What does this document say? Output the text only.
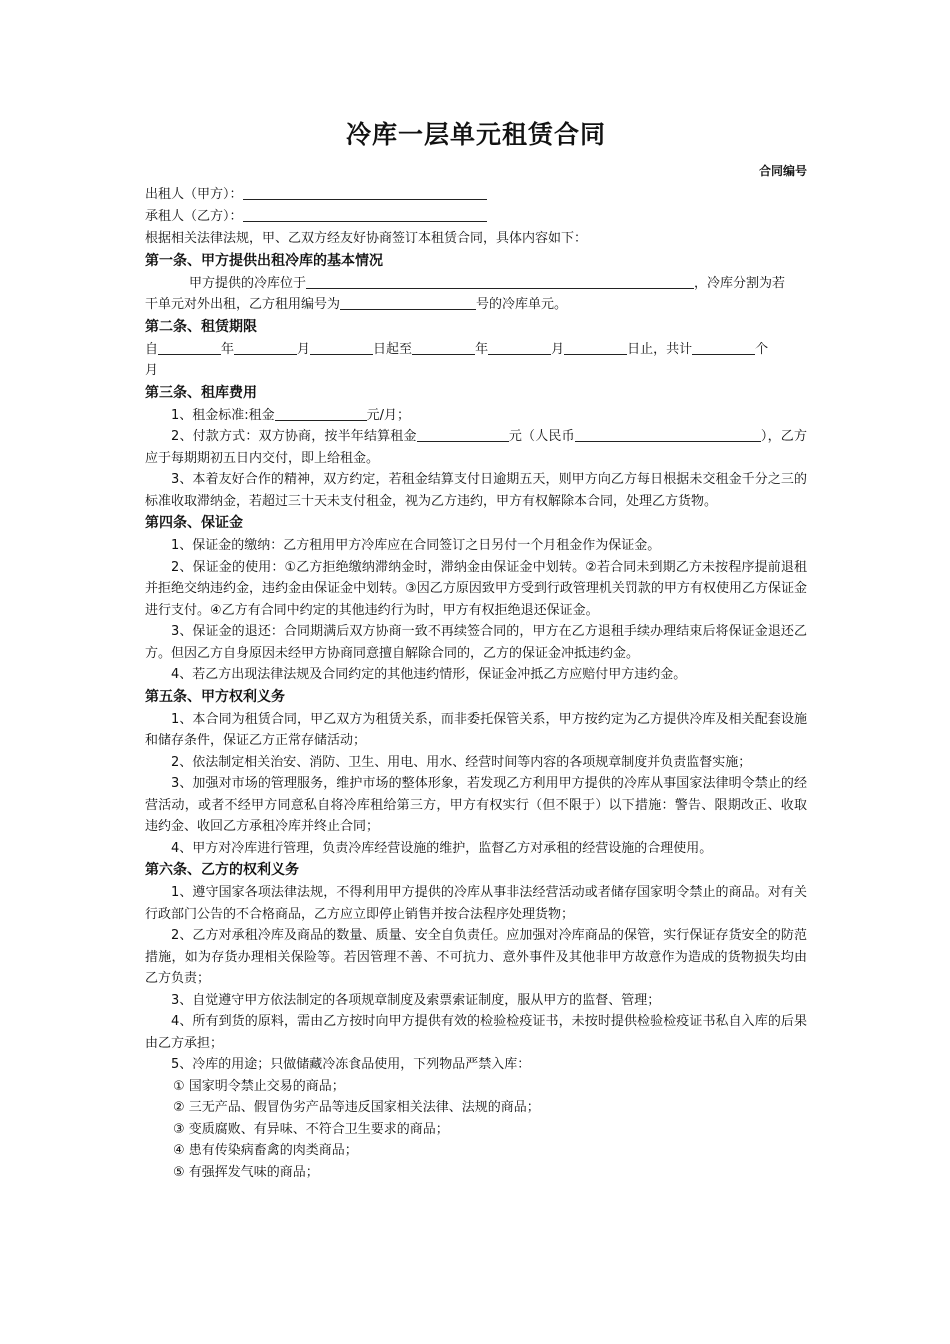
冷库一层单元租赁合同
合同编号

出租人（甲方）：

承租人（乙方）：

根据相关法律法规，甲、乙双方经友好协商签订本租赁合同，具体内容如下：

第一条、甲方提供出租冷库的基本情况

甲方提供的冷库位于	，冷库分割为若

干单元对外出租，乙方租用编号为	号的冷库单元。

第二条、租赁期限

自	年	月	日起至	年	月	日止，共计	个

月

第三条、租库费用

1、租金标准:租金	元/月；

2、付款方式：双方协商，按半年结算租金	元（人民币	），乙方应于每期期初五日内交付，即上给租金。

3、本着友好合作的精神，双方约定，若租金结算支付日逾期五天，则甲方向乙方每日根据未交租金千分之三的标准收取滞纳金，若超过三十天未支付租金，视为乙方违约，甲方有权解除本合同，处理乙方货物。

第四条、保证金

1、保证金的缴纳：乙方租用甲方冷库应在合同签订之日另付一个月租金作为保证金。

2、保证金的使用：①乙方拒绝缴纳滞纳金时，滞纳金由保证金中划转。②若合同未到期乙方未按程序提前退租并拒绝交纳违约金，违约金由保证金中划转。③因乙方原因致甲方受到行政管理机关罚款的甲方有权使用乙方保证金进行支付。④乙方有合同中约定的其他违约行为时，甲方有权拒绝退还保证金。

3、保证金的退还：合同期满后双方协商一致不再续签合同的，甲方在乙方退租手续办理结束后将保证金退还乙方。但因乙方自身原因未经甲方协商同意擅自解除合同的，乙方的保证金冲抵违约金。

4、若乙方出现法律法规及合同约定的其他违约情形，保证金冲抵乙方应赔付甲方违约金。

第五条、甲方权利义务

1、本合同为租赁合同，甲乙双方为租赁关系，而非委托保管关系，甲方按约定为乙方提供冷库及相关配套设施和储存条件，保证乙方正常存储活动；

2、依法制定相关治安、消防、卫生、用电、用水、经营时间等内容的各项规章制度并负责监督实施；

3、加强对市场的管理服务，维护市场的整体形象，若发现乙方利用甲方提供的冷库从事国家法律明令禁止的经营活动，或者不经甲方同意私自将冷库租给第三方，甲方有权实行（但不限于）以下措施：警告、限期改正、收取违约金、收回乙方承租冷库并终止合同；

4、甲方对冷库进行管理，负责冷库经营设施的维护，监督乙方对承租的经营设施的合理使用。

第六条、乙方的权利义务

1、遵守国家各项法律法规，不得利用甲方提供的冷库从事非法经营活动或者储存国家明令禁止的商品。对有关行政部门公告的不合格商品，乙方应立即停止销售并按合法程序处理货物；

2、乙方对承租冷库及商品的数量、质量、安全自负责任。应加强对冷库商品的保管，实行保证存货安全的防范措施，如为存货办理相关保险等。若因管理不善、不可抗力、意外事件及其他非甲方故意作为造成的货物损失均由乙方负责；

3、自觉遵守甲方依法制定的各项规章制度及索票索证制度，服从甲方的监督、管理；

4、所有到货的原料，需由乙方按时向甲方提供有效的检验检疫证书，未按时提供检验检疫证书私自入库的后果由乙方承担；

5、冷库的用途；只做储藏冷冻食品使用，下列物品严禁入库：

① 国家明令禁止交易的商品；

② 三无产品、假冒伪劣产品等违反国家相关法律、法规的商品；

③ 变质腐败、有异味、不符合卫生要求的商品；

④ 患有传染病畜禽的肉类商品；

⑤ 有强挥发气味的商品；
